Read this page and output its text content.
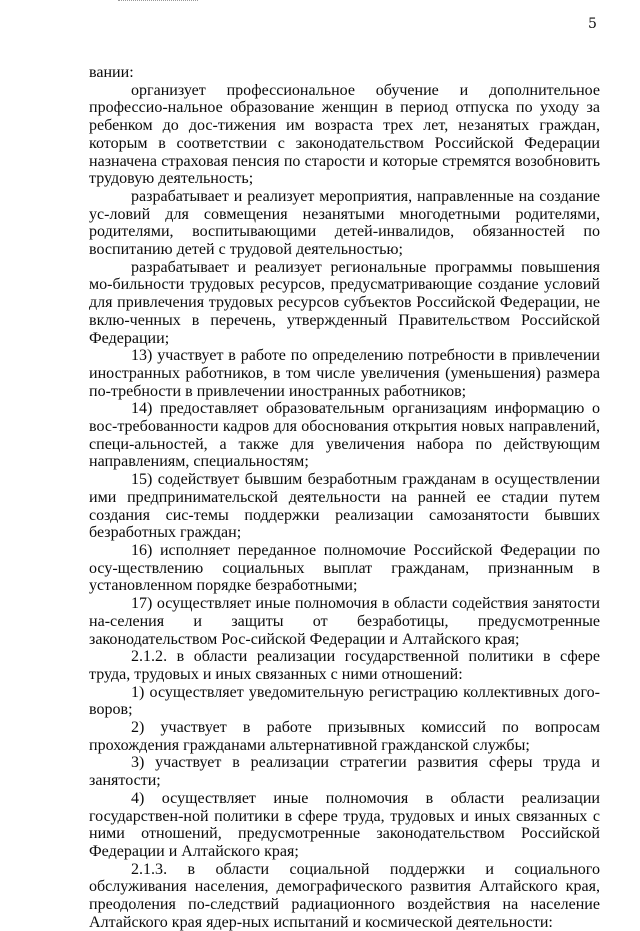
5

вании:

организует профессиональное обучение и дополнительное профессио-нальное образование женщин в период отпуска по уходу за ребенком до дос-тижения им возраста трех лет, незанятых граждан, которым в соответствии с законодательством Российской Федерации назначена страховая пенсия по старости и которые стремятся возобновить трудовую деятельность;

разрабатывает и реализует мероприятия, направленные на создание ус-ловий для совмещения незанятыми многодетными родителями, родителями, воспитывающими детей-инвалидов, обязанностей по воспитанию детей с трудовой деятельностью;

разрабатывает и реализует региональные программы повышения мо-бильности трудовых ресурсов, предусматривающие создание условий для привлечения трудовых ресурсов субъектов Российской Федерации, не вклю-ченных в перечень, утвержденный Правительством Российской Федерации;

13) участвует в работе по определению потребности в привлечении иностранных работников, в том числе увеличения (уменьшения) размера по-требности в привлечении иностранных работников;

14) предоставляет образовательным организациям информацию о вос-требованности кадров для обоснования открытия новых направлений, специ-альностей, а также для увеличения набора по действующим направлениям, специальностям;

15) содействует бывшим безработным гражданам в осуществлении ими предпринимательской деятельности на ранней ее стадии путем создания сис-темы поддержки реализации самозанятости бывших безработных граждан;

16) исполняет переданное полномочие Российской Федерации по осу-ществлению социальных выплат гражданам, признанным в установленном порядке безработными;

17) осуществляет иные полномочия в области содействия занятости на-селения и защиты от безработицы, предусмотренные законодательством Рос-сийской Федерации и Алтайского края;

2.1.2. в области реализации государственной политики в сфере труда, трудовых и иных связанных с ними отношений:

1) осуществляет уведомительную регистрацию коллективных дого-воров;

2) участвует в работе призывных комиссий по вопросам прохождения гражданами альтернативной гражданской службы;

3) участвует в реализации стратегии развития сферы труда и занятости;

4) осуществляет иные полномочия в области реализации государствен-ной политики в сфере труда, трудовых и иных связанных с ними отношений, предусмотренные законодательством Российской Федерации и Алтайского края;

2.1.3. в области социальной поддержки и социального обслуживания населения, демографического развития Алтайского края, преодоления по-следствий радиационного воздействия на население Алтайского края ядер-ных испытаний и космической деятельности:
